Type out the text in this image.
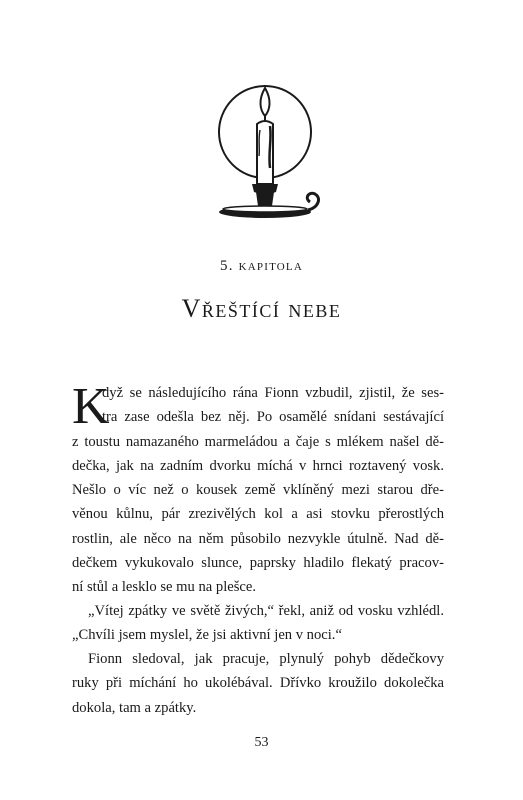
5. kapitola
Vřeštící nebe
K

dyž se následujícího rána Fionn vzbudil, zjistil, že ses-
tra zase odešla bez něj. Po osamělé snídani sestávající
z toustu namazaného marmeládou a čaje s mlékem našel dě-
dečka, jak na zadním dvorku míchá v hrnci roztavený vosk.
Nešlo o víc než o kousek země vklíněný mezi starou dře-
věnou kůlnu, pár zrezivělých kol a asi stovku přerostlých
rostlin, ale něco na něm působilo nezvykle útulně. Nad dě-
dečkem vykukovalo slunce, paprsky hladilo flekatý pracov-
ní stůl a lesklo se mu na plešce.

„Vítej zpátky ve světě živých,“ řekl, aniž od vosku vzhlédl.
„Chvíli jsem myslel, že jsi aktivní jen v noci.“

Fionn sledoval, jak pracuje, plynulý pohyb dědečkovy
ruky při míchání ho ukolébával. Dřívko kroužilo dokolečka
dokola, tam a zpátky.

53
